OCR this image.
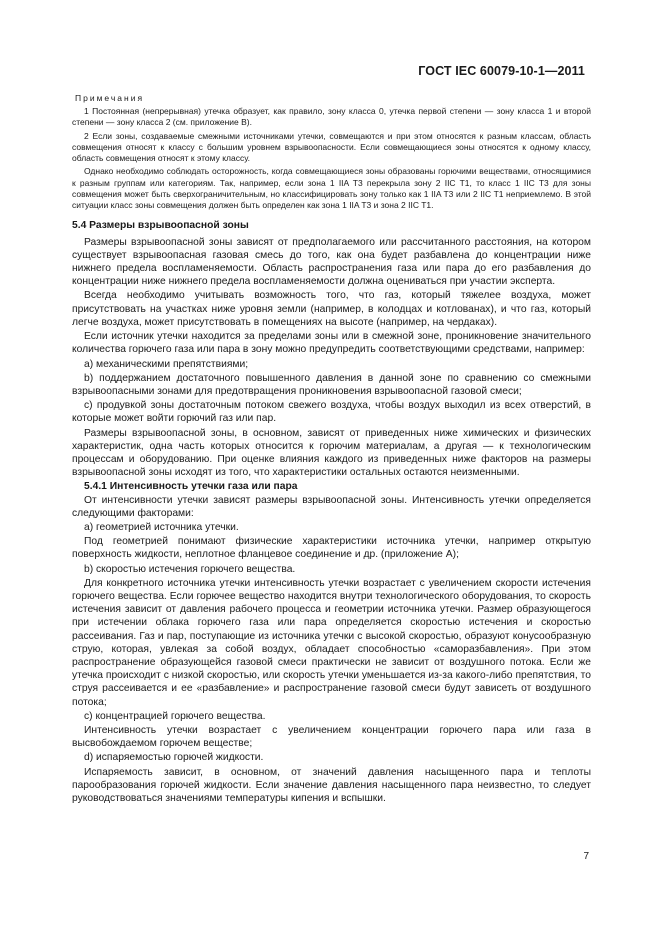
ГОСТ IEC 60079-10-1—2011
Примечания

1 Постоянная (непрерывная) утечка образует, как правило, зону класса 0, утечка первой степени — зону класса 1 и второй степени — зону класса 2 (см. приложение В).

2 Если зоны, создаваемые смежными источниками утечки, совмещаются и при этом относятся к разным классам, область совмещения относят к классу с большим уровнем взрывоопасности. Если совмещающиеся зоны относятся к одному классу, область совмещения относят к этому классу.

Однако необходимо соблюдать осторожность, когда совмещающиеся зоны образованы горючими веществами, относящимися к разным группам или категориям. Так, например, если зона 1 IIA T3 перекрыла зону 2 IIC T1, то класс 1 IIC T3 для зоны совмещения может быть сверхограничительным, но классифицировать зону только как 1 IIA T3 или 2 IIC T1 неприемлемо. В этой ситуации класс зоны совмещения должен быть определен как зона 1 IIA T3 и зона 2 IIC T1.

5.4 Размеры взрывоопасной зоны

Размеры взрывоопасной зоны зависят от предполагаемого или рассчитанного расстояния, на котором существует взрывоопасная газовая смесь до того, как она будет разбавлена до концентрации ниже нижнего предела воспламеняемости. Область распространения газа или пара до его разбавления до концентрации ниже нижнего предела воспламеняемости должна оцениваться при участии эксперта.

Всегда необходимо учитывать возможность того, что газ, который тяжелее воздуха, может присутствовать на участках ниже уровня земли (например, в колодцах и котлованах), и что газ, который легче воздуха, может присутствовать в помещениях на высоте (например, на чердаках).

Если источник утечки находится за пределами зоны или в смежной зоне, проникновение значительного количества горючего газа или пара в зону можно предупредить соответствующими средствами, например:

a) механическими препятствиями;

b) поддержанием достаточного повышенного давления в данной зоне по сравнению со смежными взрывоопасными зонами для предотвращения проникновения взрывоопасной газовой смеси;

c) продувкой зоны достаточным потоком свежего воздуха, чтобы воздух выходил из всех отверстий, в которые может войти горючий газ или пар.

Размеры взрывоопасной зоны, в основном, зависят от приведенных ниже химических и физических характеристик, одна часть которых относится к горючим материалам, а другая — к технологическим процессам и оборудованию. При оценке влияния каждого из приведенных ниже факторов на размеры взрывоопасной зоны исходят из того, что характеристики остальных остаются неизменными.

5.4.1 Интенсивность утечки газа или пара

От интенсивности утечки зависят размеры взрывоопасной зоны. Интенсивность утечки определяется следующими факторами:

a) геометрией источника утечки.

Под геометрией понимают физические характеристики источника утечки, например открытую поверхность жидкости, неплотное фланцевое соединение и др. (приложение А);

b) скоростью истечения горючего вещества.

Для конкретного источника утечки интенсивность утечки возрастает с увеличением скорости истечения горючего вещества. Если горючее вещество находится внутри технологического оборудования, то скорость истечения зависит от давления рабочего процесса и геометрии источника утечки. Размер образующегося при истечении облака горючего газа или пара определяется скоростью истечения и скоростью рассеивания. Газ и пар, поступающие из источника утечки с высокой скоростью, образуют конусообразную струю, которая, увлекая за собой воздух, обладает способностью «саморазбавления». При этом распространение образующейся газовой смеси практически не зависит от воздушного потока. Если же утечка происходит с низкой скоростью, или скорость утечки уменьшается из-за какого-либо препятствия, то струя рассеивается и ее «разбавление» и распространение газовой смеси будут зависеть от воздушного потока;

c) концентрацией горючего вещества.

Интенсивность утечки возрастает с увеличением концентрации горючего пара или газа в высвобождаемом горючем веществе;

d) испаряемостью горючей жидкости.

Испаряемость зависит, в основном, от значений давления насыщенного пара и теплоты парообразования горючей жидкости. Если значение давления насыщенного пара неизвестно, то следует руководствоваться значениями температуры кипения и вспышки.

7
